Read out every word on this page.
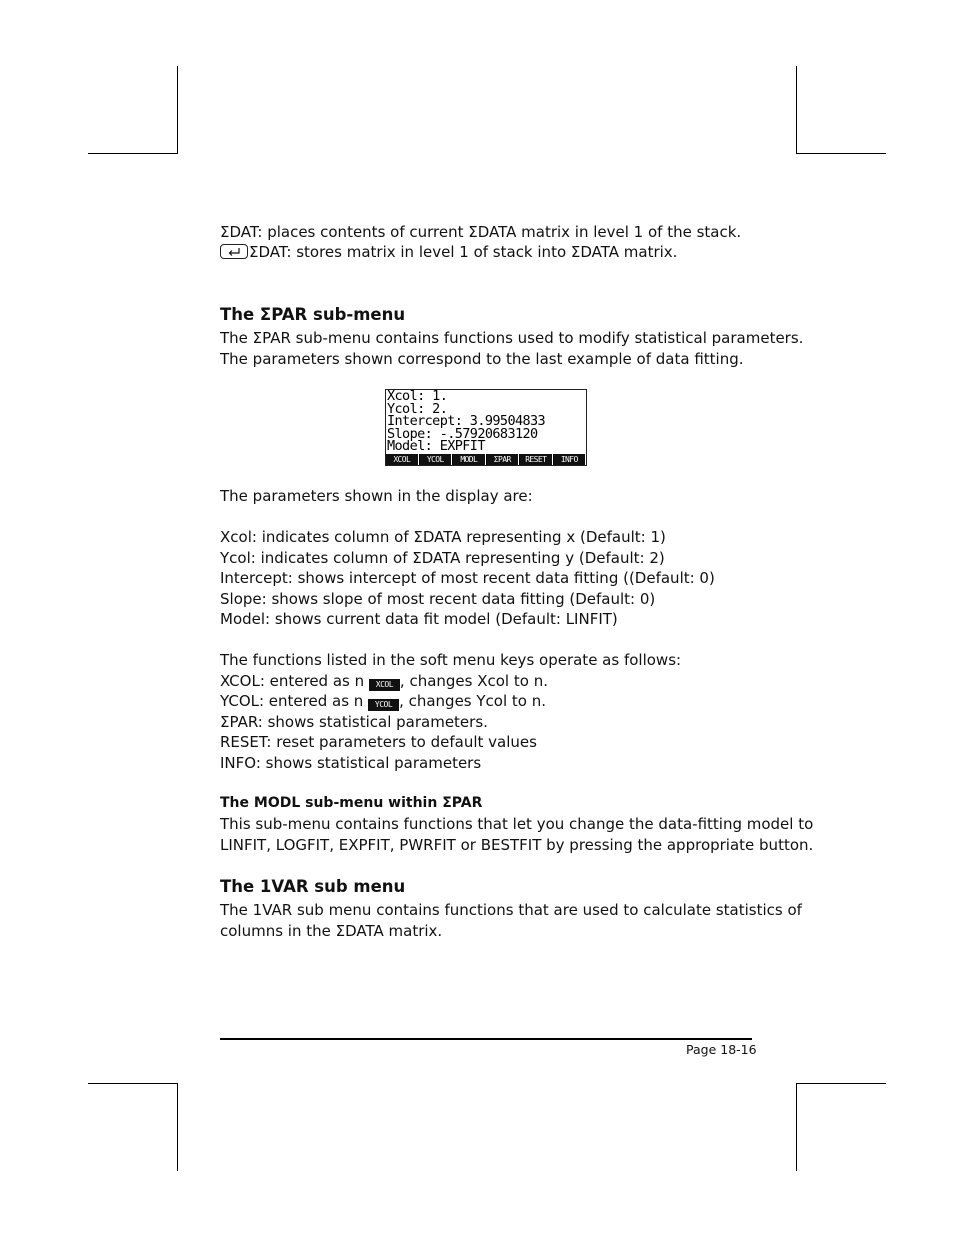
ΣDAT: places contents of current ΣDATA matrix in level 1 of the stack.
ΣDAT: stores matrix in level 1 of stack into ΣDATA matrix.
The ΣPAR sub-menu
The ΣPAR sub-menu contains functions used to modify statistical parameters.
The parameters shown correspond to the last example of data fitting.
Xcol: 1.
Ycol: 2.
Intercept: 3.99504833
Slope: -.57920683120
Model: EXPFIT
XCOL	YCOL	MODL	ΣPAR	RESET	INFO
The parameters shown in the display are:
Xcol: indicates column of ΣDATA representing x (Default: 1)
Ycol: indicates column of ΣDATA representing y (Default: 2)
Intercept: shows intercept of most recent data fitting ((Default: 0)
Slope: shows slope of most recent data fitting (Default: 0)
Model: shows current data fit model (Default: LINFIT)
The functions listed in the soft menu keys operate as follows:
XCOL: entered as n XCOL , changes Xcol to n.
YCOL: entered as n YCOL , changes Ycol to n.
ΣPAR: shows statistical parameters.
RESET: reset parameters to default values
INFO: shows statistical parameters
The MODL sub-menu within ΣPAR
This sub-menu contains functions that let you change the data-fitting model to
LINFIT, LOGFIT, EXPFIT, PWRFIT or BESTFIT by pressing the appropriate button.
The 1VAR sub menu
The 1VAR sub menu contains functions that are used to calculate statistics of
columns in the ΣDATA matrix.
Page 18-16
